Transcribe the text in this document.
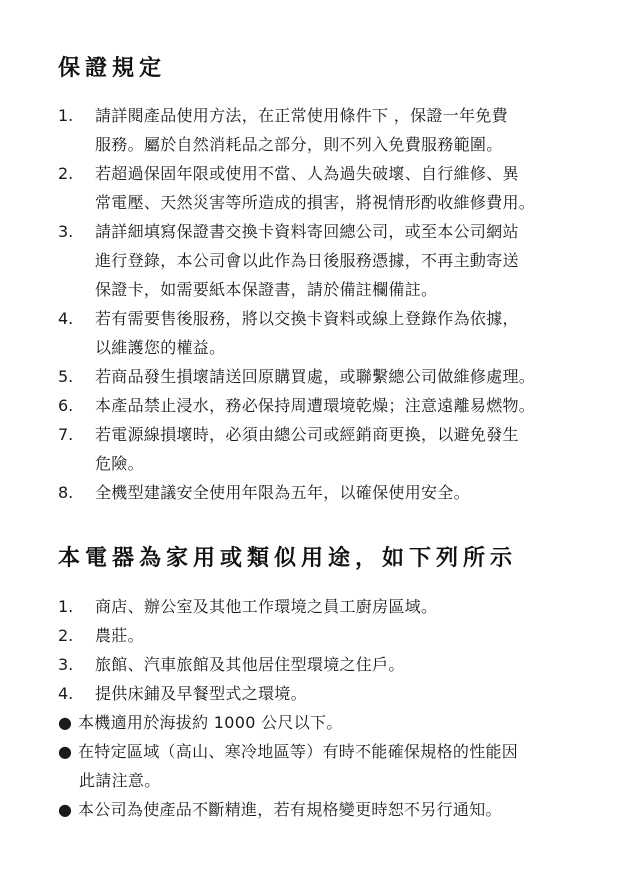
保證規定
1. 請詳閱產品使用方法，在正常使用條件下 ，保證一年免費
服務。屬於自然消耗品之部分，則不列入免費服務範圍。
2. 若超過保固年限或使用不當、人為過失破壞、自行維修、異
常電壓、天然災害等所造成的損害，將視情形酌收維修費用。
3. 請詳細填寫保證書交換卡資料寄回總公司，或至本公司網站
進行登錄，本公司會以此作為日後服務憑據，不再主動寄送
保證卡，如需要紙本保證書，請於備註欄備註。
4. 若有需要售後服務，將以交換卡資料或線上登錄作為依據，
以維護您的權益。
5. 若商品發生損壞請送回原購買處，或聯繫總公司做維修處理。
6. 本產品禁止浸水，務必保持周遭環境乾燥；注意遠離易燃物。
7. 若電源線損壞時，必須由總公司或經銷商更換，以避免發生
危險。
8. 全機型建議安全使用年限為五年，以確保使用安全。
本電器為家用或類似用途，如下列所示
1. 商店、辦公室及其他工作環境之員工廚房區域。
2. 農莊。
3. 旅館、汽車旅館及其他居住型環境之住戶。
4. 提供床鋪及早餐型式之環境。
● 本機適用於海拔約 1000 公尺以下。
● 在特定區域（高山、寒冷地區等）有時不能確保規格的性能因
此請注意。
● 本公司為使產品不斷精進，若有規格變更時恕不另行通知。
